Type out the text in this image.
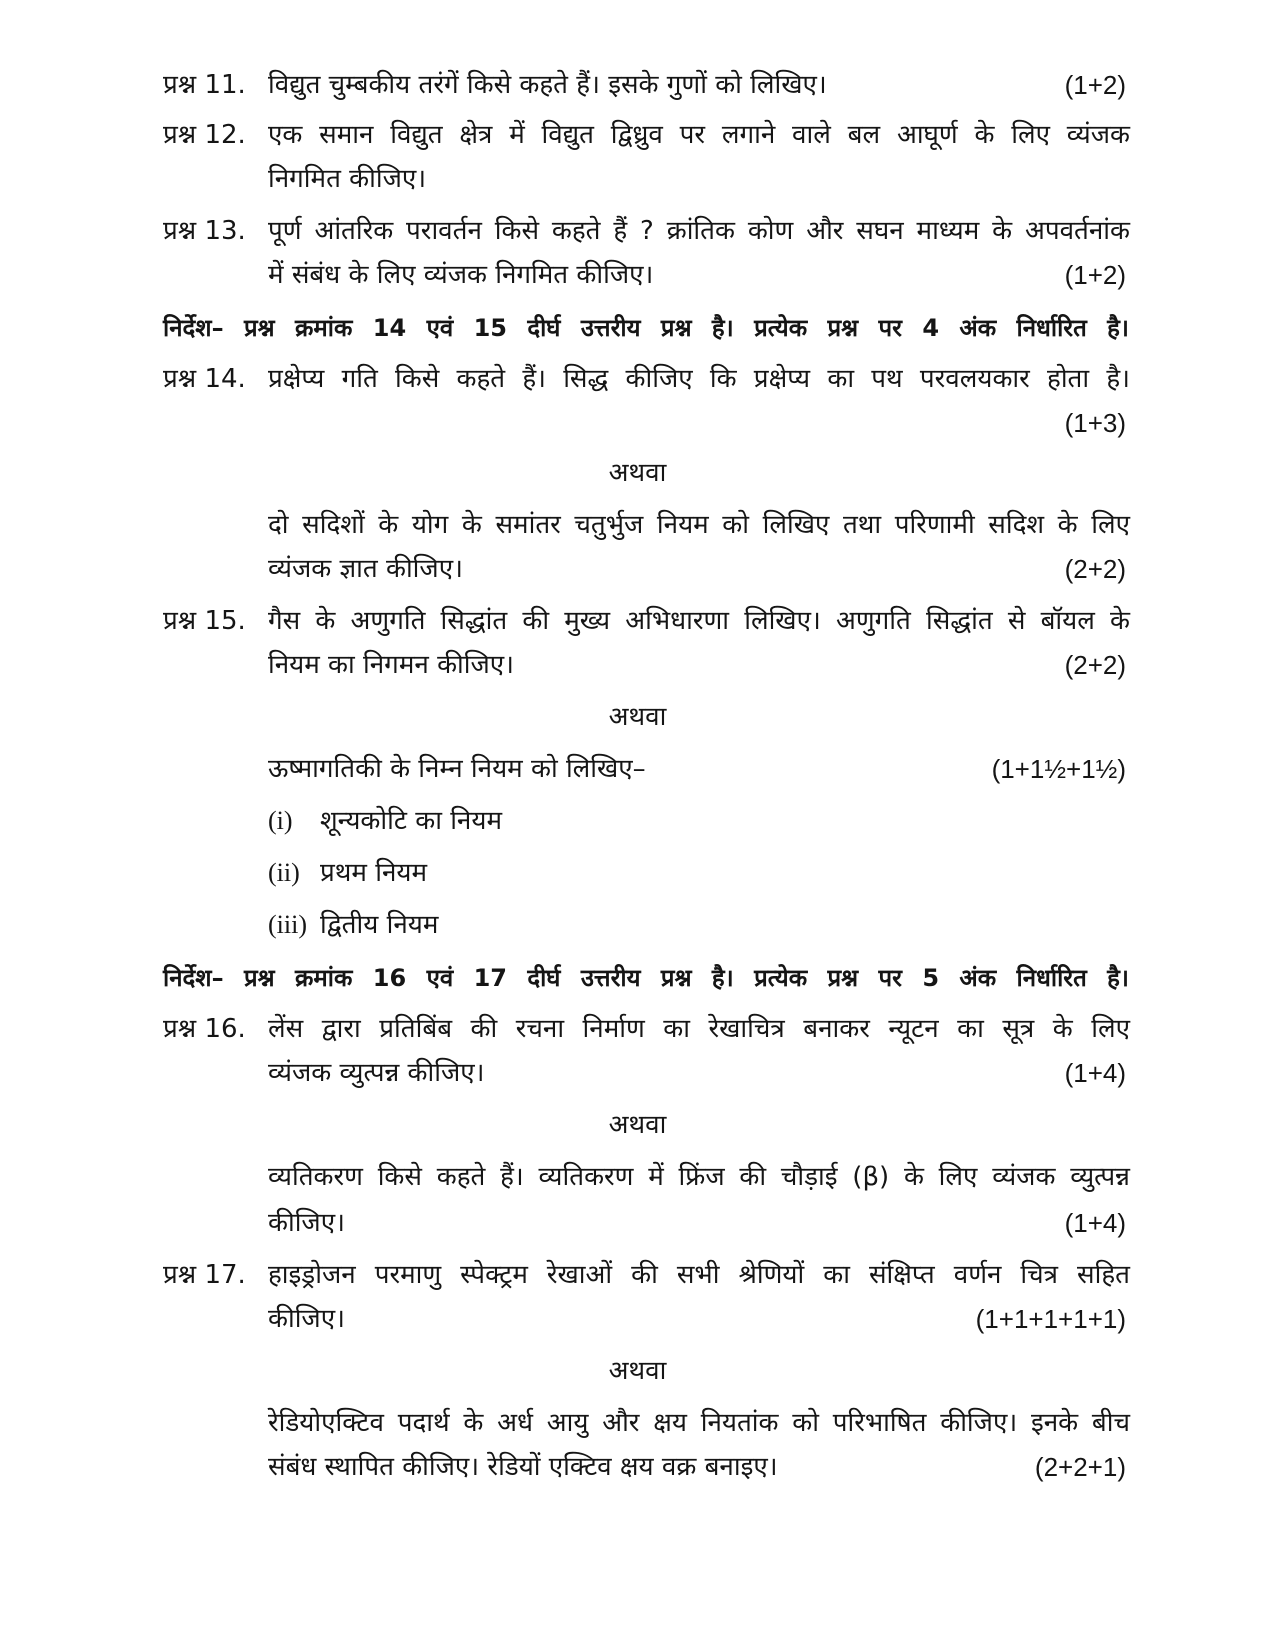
प्रश्न 11. विद्युत चुम्बकीय तरंगें किसे कहते हैं। इसके गुणों को लिखिए।	(1+2)
प्रश्न 12. एक समान विद्युत क्षेत्र में विद्युत द्विध्रुव पर लगाने वाले बल आघूर्ण के लिए व्यंजक
निगमित कीजिए।
प्रश्न 13. पूर्ण आंतरिक परावर्तन किसे कहते हैं ? क्रांतिक कोण और सघन माध्यम के अपवर्तनांक
में संबंध के लिए व्यंजक निगमित कीजिए।	(1+2)
निर्देश– प्रश्न क्रमांक 14 एवं 15 दीर्घ उत्तरीय प्रश्न है। प्रत्येक प्रश्न पर 4 अंक निर्धारित है।
प्रश्न 14. प्रक्षेप्य गति किसे कहते हैं। सिद्ध कीजिए कि प्रक्षेप्य का पथ परवलयकार होता है।
(1+3)
अथवा
दो सदिशों के योग के समांतर चतुर्भुज नियम को लिखिए तथा परिणामी सदिश के लिए
व्यंजक ज्ञात कीजिए।	(2+2)
प्रश्न 15. गैस के अणुगति सिद्धांत की मुख्य अभिधारणा लिखिए। अणुगति सिद्धांत से बॉयल के
नियम का निगमन कीजिए।	(2+2)
अथवा
ऊष्मागतिकी के निम्न नियम को लिखिए–	(1+1½+1½)
(i) शून्यकोटि का नियम
(ii) प्रथम नियम
(iii) द्वितीय नियम
निर्देश– प्रश्न क्रमांक 16 एवं 17 दीर्घ उत्तरीय प्रश्न है। प्रत्येक प्रश्न पर 5 अंक निर्धारित है।
प्रश्न 16. लेंस द्वारा प्रतिबिंब की रचना निर्माण का रेखाचित्र बनाकर न्यूटन का सूत्र के लिए
व्यंजक व्युत्पन्न कीजिए।	(1+4)
अथवा
व्यतिकरण किसे कहते हैं। व्यतिकरण में फ्रिंज की चौड़ाई (β) के लिए व्यंजक व्युत्पन्न
कीजिए।	(1+4)
प्रश्न 17. हाइड्रोजन परमाणु स्पेक्ट्रम रेखाओं की सभी श्रेणियों का संक्षिप्त वर्णन चित्र सहित
कीजिए।	(1+1+1+1+1)
अथवा
रेडियोएक्टिव पदार्थ के अर्ध आयु और क्षय नियतांक को परिभाषित कीजिए। इनके बीच
संबंध स्थापित कीजिए। रेडियों एक्टिव क्षय वक्र बनाइए।	(2+2+1)
